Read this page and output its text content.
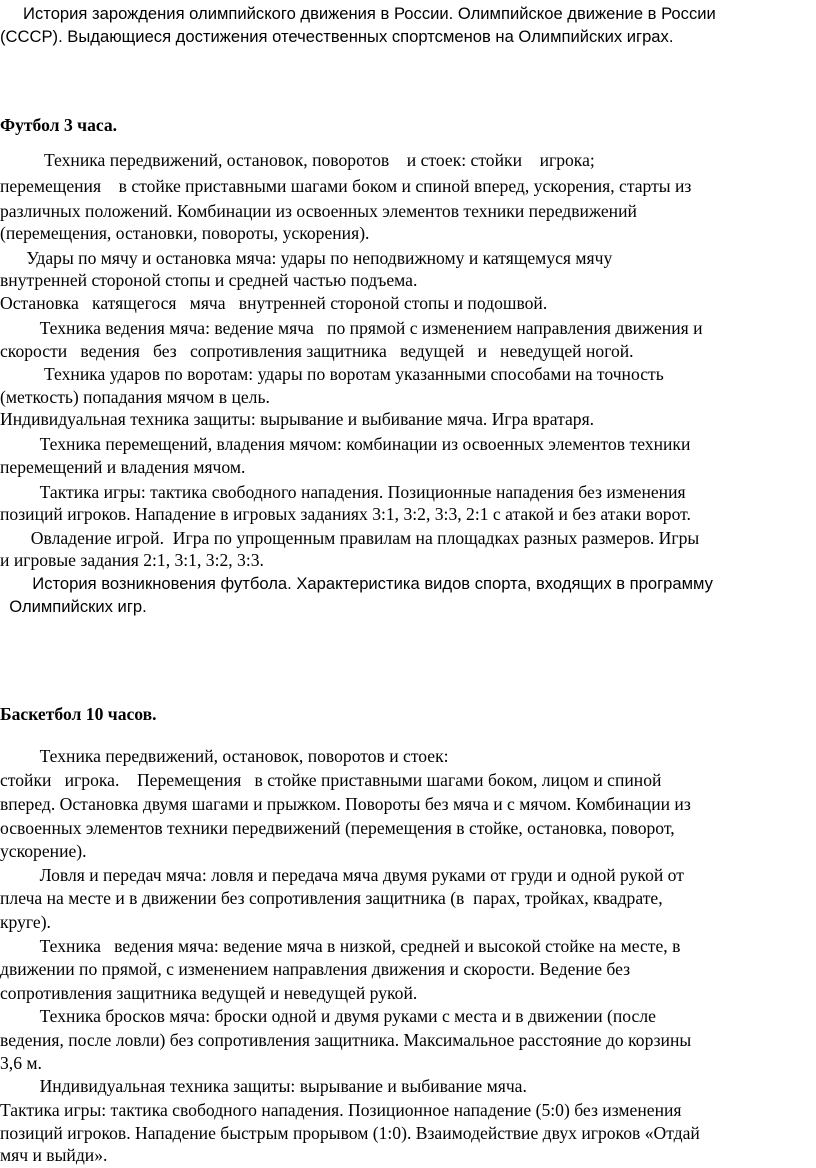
История зарождения олимпийского движения в России. Олимпийское движение в России

(СССР). Выдающиеся достижения отечественных спортсменов на Олимпийских играх.

Футбол 3 часа.

Техника передвижений, остановок, поворотов    и стоек: стойки    игрока;

перемещения    в стойке приставными шагами боком и спиной вперед, ускорения, старты из

различных положений. Комбинации из освоенных элементов техники передвижений

(перемещения, остановки, повороты, ускорения).

Удары по мячу и остановка мяча: удары по неподвижному и катящемуся мячу

внутренней стороной стопы и средней частью подъема.

Остановка   катящегося   мяча   внутренней стороной стопы и подошвой.

Техника ведения мяча: ведение мяча   по прямой с изменением направления движения и

скорости   ведения   без   сопротивления защитника   ведущей   и   неведущей ногой.

Техника ударов по воротам: удары по воротам указанными способами на точность

(меткость) попадания мячом в цель.

Индивидуальная техника защиты: вырывание и выбивание мяча. Игра вратаря.

Техника перемещений, владения мячом: комбинации из освоенных элементов техники

перемещений и владения мячом.

Тактика игры: тактика свободного нападения. Позиционные нападения без изменения

позиций игроков. Нападение в игровых заданиях 3:1, 3:2, 3:3, 2:1 с атакой и без атаки ворот.

Овладение игрой.  Игра по упрощенным правилам на площадках разных размеров. Игры

и игровые задания 2:1, 3:1, 3:2, 3:3.

История возникновения футбола. Характеристика видов спорта, входящих в программу

Олимпийских игр.

Баскетбол 10 часов.

Техника передвижений, остановок, поворотов и стоек:

стойки   игрока.    Перемещения   в стойке приставными шагами боком, лицом и спиной

вперед. Остановка двумя шагами и прыжком. Повороты без мяча и с мячом. Комбинации из

освоенных элементов техники передвижений (перемещения в стойке, остановка, поворот,

ускорение).

Ловля и передач мяча: ловля и передача мяча двумя руками от груди и одной рукой от

плеча на месте и в движении без сопротивления защитника (в  парах, тройках, квадрате,

круге).

Техника   ведения мяча: ведение мяча в низкой, средней и высокой стойке на месте, в

движении по прямой, с изменением направления движения и скорости. Ведение без

сопротивления защитника ведущей и неведущей рукой.

Техника бросков мяча: броски одной и двумя руками с места и в движении (после

ведения, после ловли) без сопротивления защитника. Максимальное расстояние до корзины

3,6 м.

Индивидуальная техника защиты: вырывание и выбивание мяча.

Тактика игры: тактика свободного нападения. Позиционное нападение (5:0) без изменения

позиций игроков. Нападение быстрым прорывом (1:0). Взаимодействие двух игроков «Отдай

мяч и выйди».
